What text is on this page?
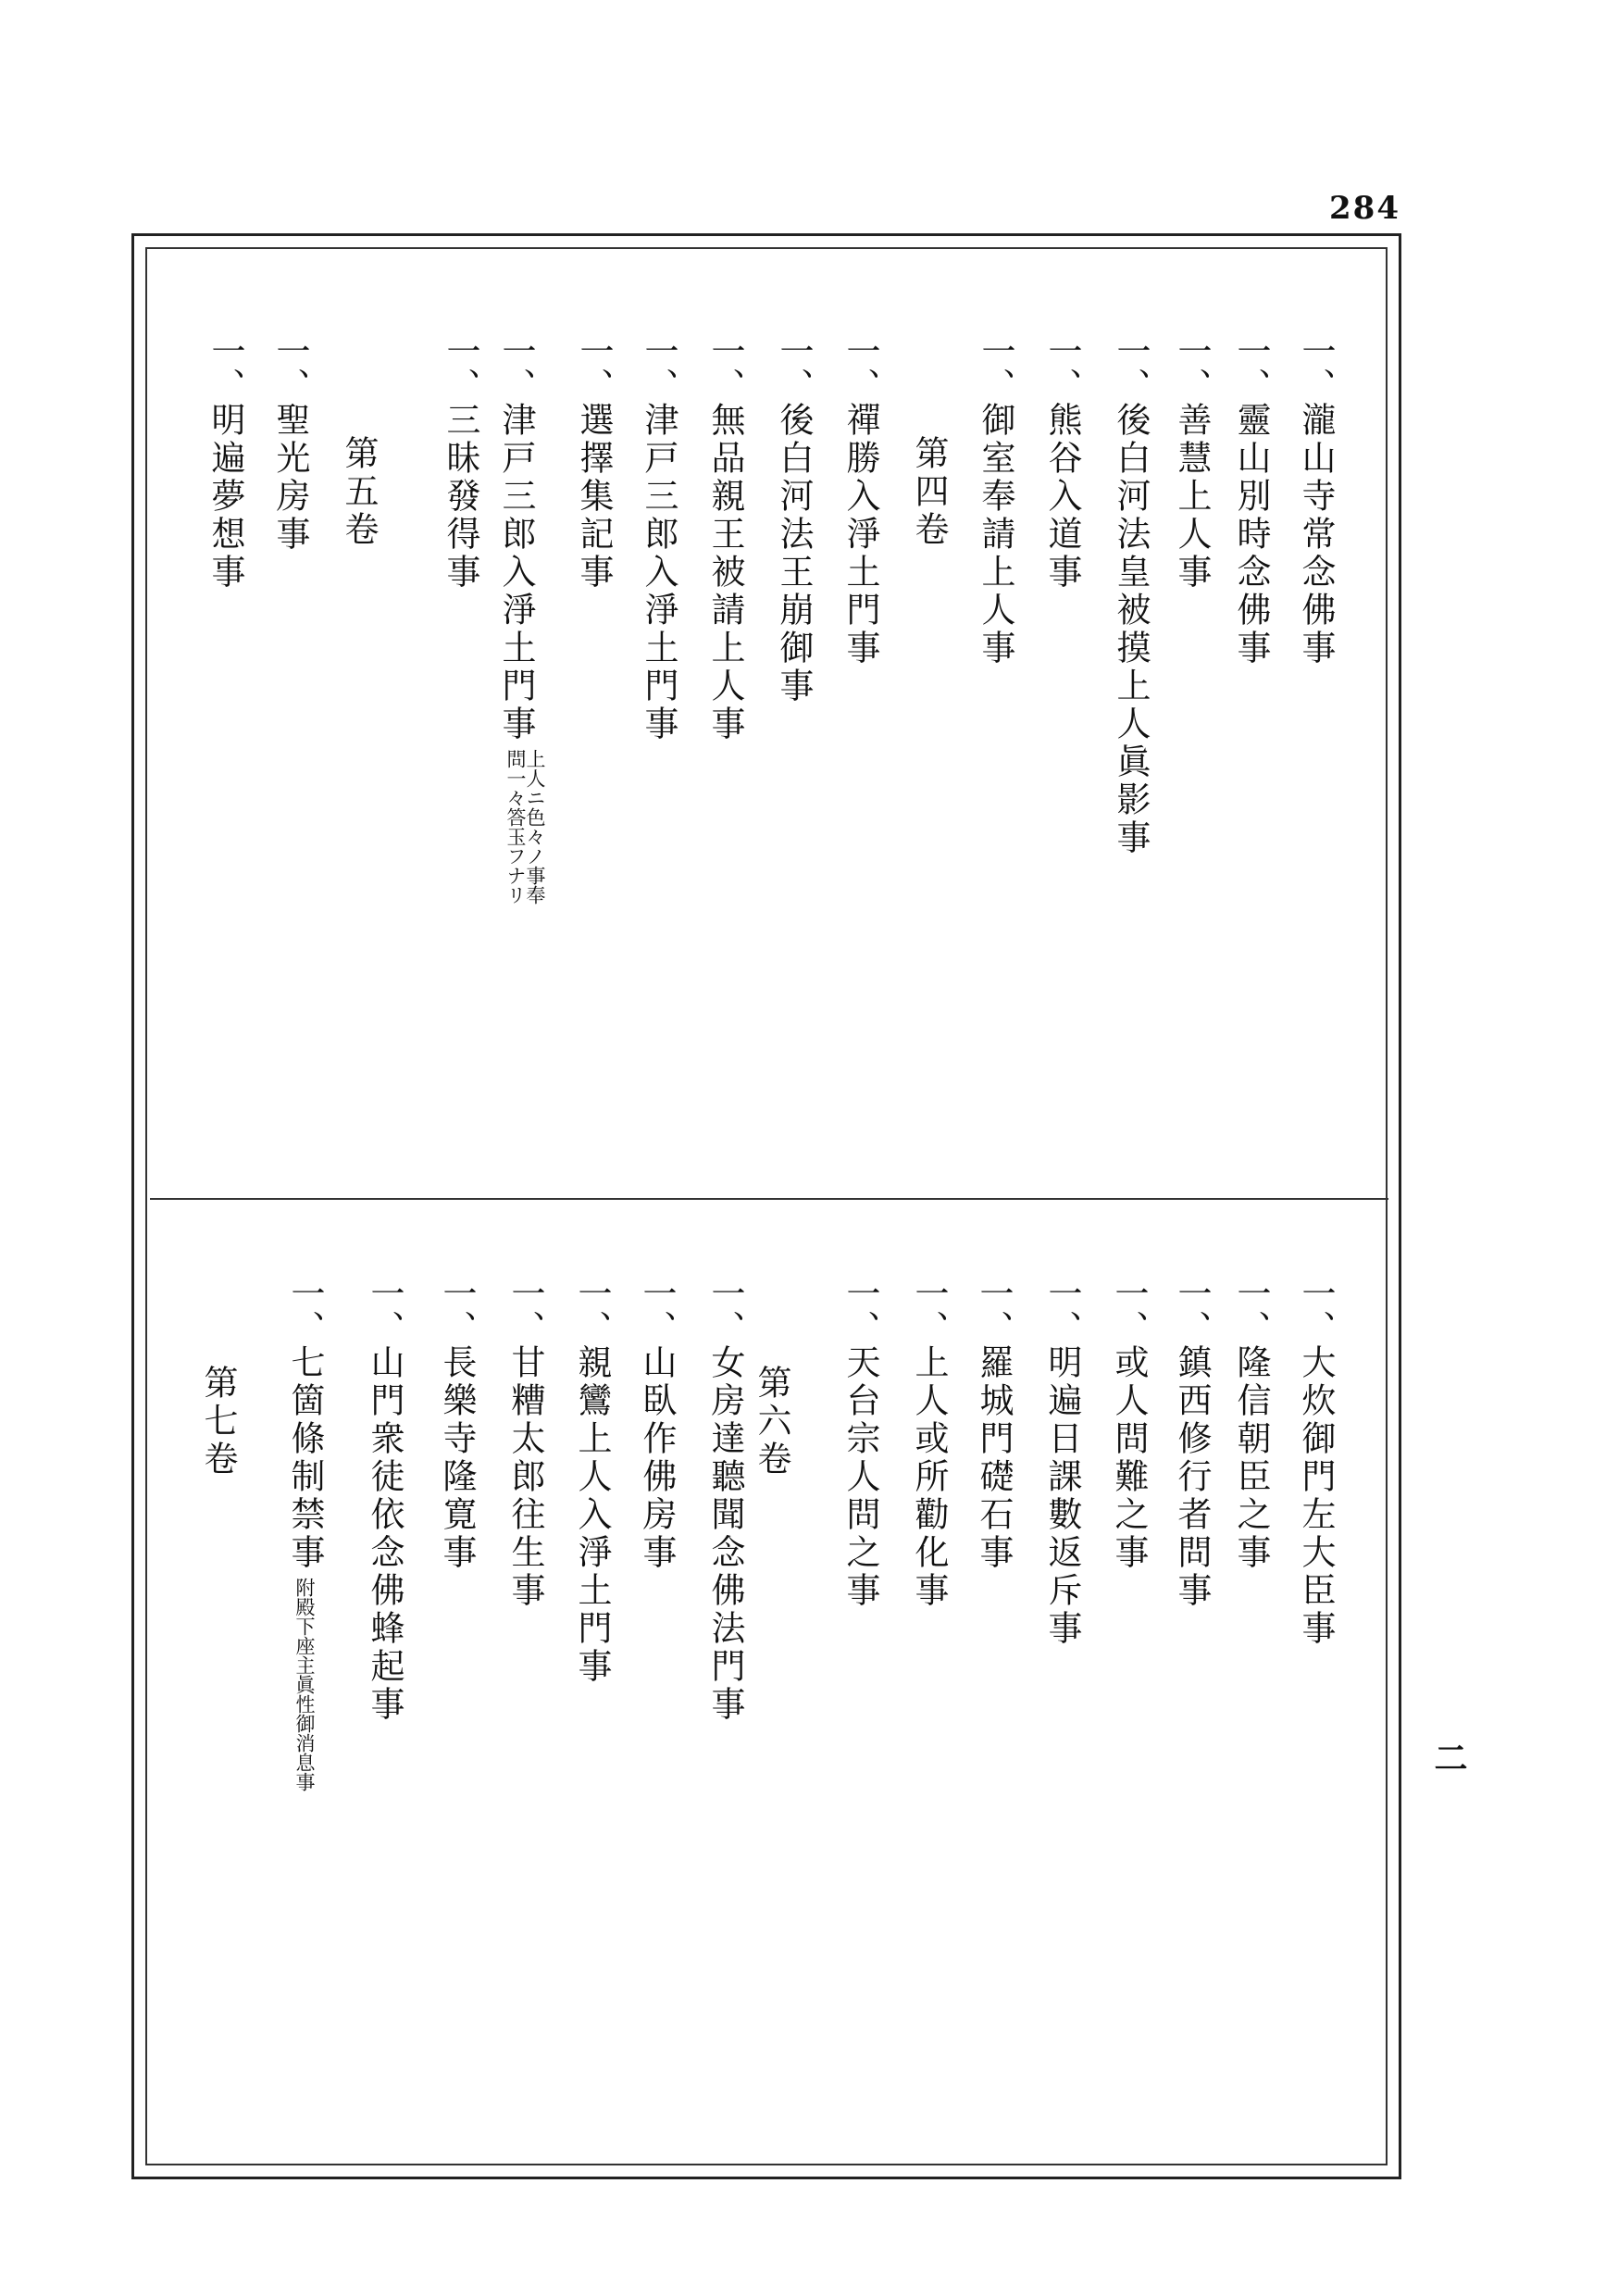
284
二
一、瀧山寺常念佛事
一、靈山別時念佛事
一、善慧上人事
一、後白河法皇被摸上人眞影事
一、熊谷入道事
一、御室奉請上人事
第四卷
一、禪勝入淨土門事
一、後白河法王崩御事
一、無品親王被請上人事
一、津戸三郎入淨土門事
一、選擇集記事
一、津戸三郎入淨土門事
上人ニ色々ノ事奉
問一々答玉フナリ
一、三昧發得事
第五卷
一、聖光房事
一、明遍夢想事
一、大炊御門左大臣事
一、隆信朝臣之事
一、鎮西修行者問事
一、或人問難之事
一、明遍日課數返斥事
一、羅城門礎石事
一、上人或所勸化事
一、天台宗人問之事
第六卷
一、女房達聽聞念佛法門事
一、山臥作佛房事
一、親鸞上人入淨土門事
一、甘糟太郎往生事
一、長樂寺隆寛事
一、山門衆徒依念佛蜂起事
一、七箇條制禁事
附殿下座主眞性御消息事
第七卷
